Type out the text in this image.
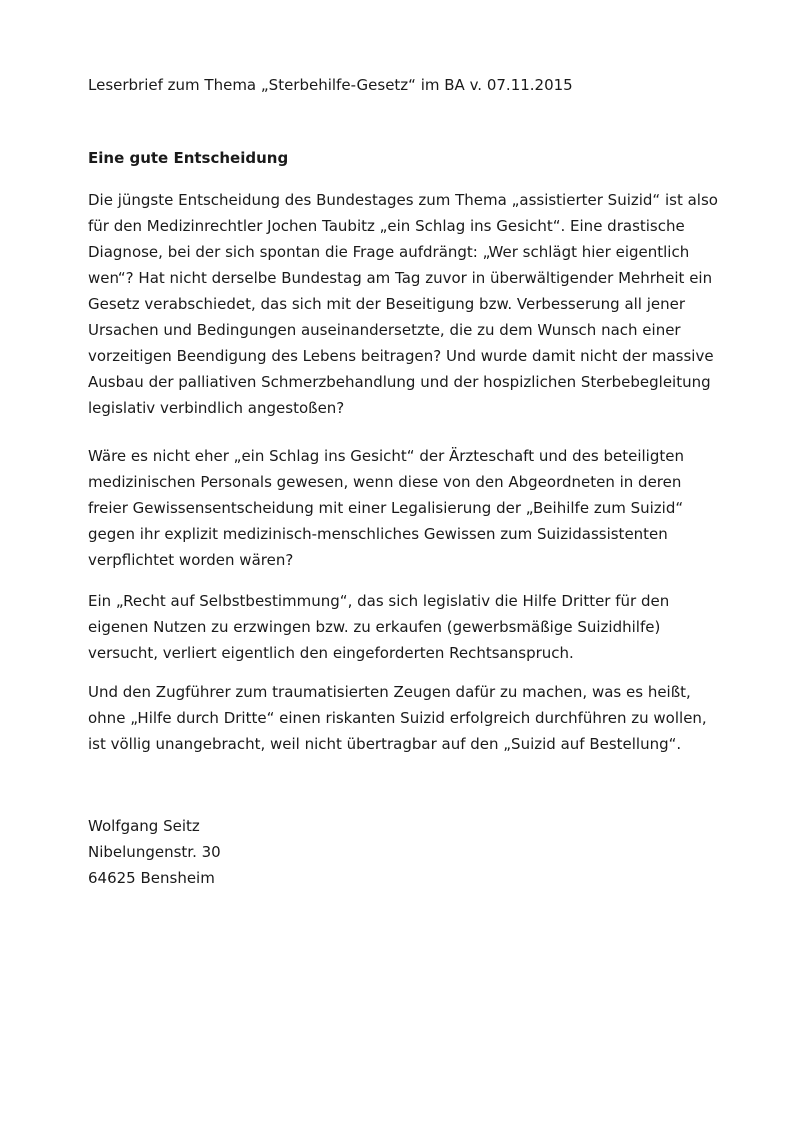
Leserbrief zum Thema „Sterbehilfe-Gesetz“ im BA v. 07.11.2015
Eine gute Entscheidung
Die jüngste Entscheidung des Bundestages zum Thema „assistierter Suizid“ ist also
für den Medizinrechtler Jochen Taubitz „ein Schlag ins Gesicht“. Eine drastische
Diagnose, bei der sich spontan die Frage aufdrängt: „Wer schlägt hier eigentlich
wen“? Hat nicht derselbe Bundestag am Tag zuvor in überwältigender Mehrheit ein
Gesetz verabschiedet, das sich mit der Beseitigung bzw. Verbesserung all jener
Ursachen und Bedingungen auseinandersetzte, die zu dem Wunsch nach einer
vorzeitigen Beendigung des Lebens beitragen? Und wurde damit nicht der massive
Ausbau der palliativen Schmerzbehandlung und der hospizlichen Sterbebegleitung
legislativ verbindlich angestoßen?
Wäre es nicht eher „ein Schlag ins Gesicht“ der Ärzteschaft und des beteiligten
medizinischen Personals gewesen, wenn diese von den Abgeordneten in deren
freier Gewissensentscheidung mit einer Legalisierung der „Beihilfe zum Suizid“
gegen ihr explizit medizinisch-menschliches Gewissen zum Suizidassistenten
verpflichtet worden wären?
Ein „Recht auf Selbstbestimmung“, das sich legislativ die Hilfe Dritter für den
eigenen Nutzen zu erzwingen bzw. zu erkaufen (gewerbsmäßige Suizidhilfe)
versucht, verliert eigentlich den eingeforderten Rechtsanspruch.
Und den Zugführer zum traumatisierten Zeugen dafür zu machen, was es heißt,
ohne „Hilfe durch Dritte“ einen riskanten Suizid erfolgreich durchführen zu wollen,
ist völlig unangebracht, weil nicht übertragbar auf den „Suizid auf Bestellung“.
Wolfgang Seitz
Nibelungenstr. 30
64625 Bensheim
